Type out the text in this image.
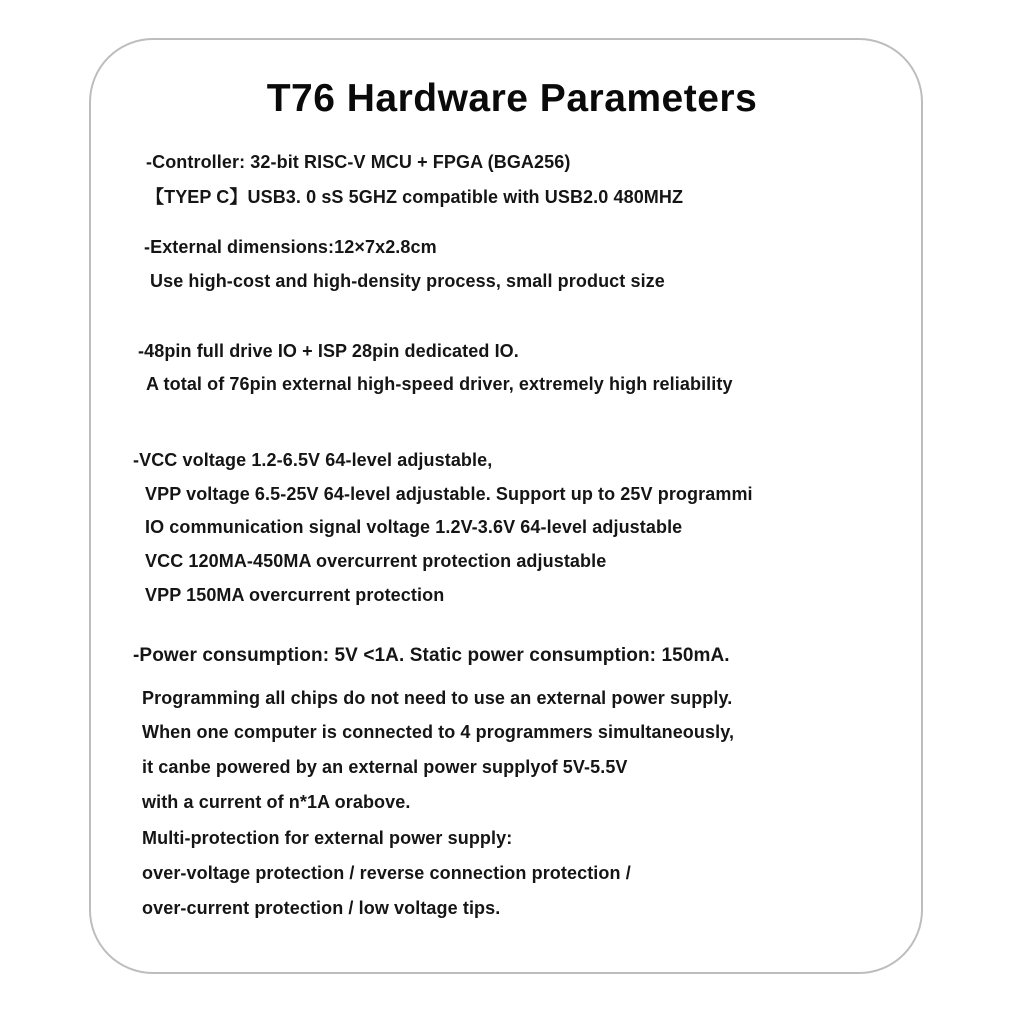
T76 Hardware Parameters
-Controller: 32-bit RISC-V MCU + FPGA (BGA256)
【TYEP C】USB3. 0 sS 5GHZ compatible with USB2.0 480MHZ
-External dimensions:12×7x2.8cm
Use high-cost and high-density process, small product size
-48pin full drive IO + ISP 28pin dedicated IO.
A total of 76pin external high-speed driver, extremely high reliability
-VCC voltage 1.2-6.5V 64-level adjustable,
VPP voltage 6.5-25V 64-level adjustable. Support up to 25V programmi
IO communication signal voltage 1.2V-3.6V 64-level adjustable
VCC 120MA-450MA overcurrent protection adjustable
VPP 150MA overcurrent protection
-Power consumption: 5V <1A. Static power consumption: 150mA.
Programming all chips do not need to use an external power supply.
When one computer is connected to 4 programmers simultaneously,
it canbe powered by an external power supplyof 5V-5.5V
with a current of n*1A orabove.
Multi-protection for external power supply:
over-voltage protection / reverse connection protection /
over-current protection / low voltage tips.
